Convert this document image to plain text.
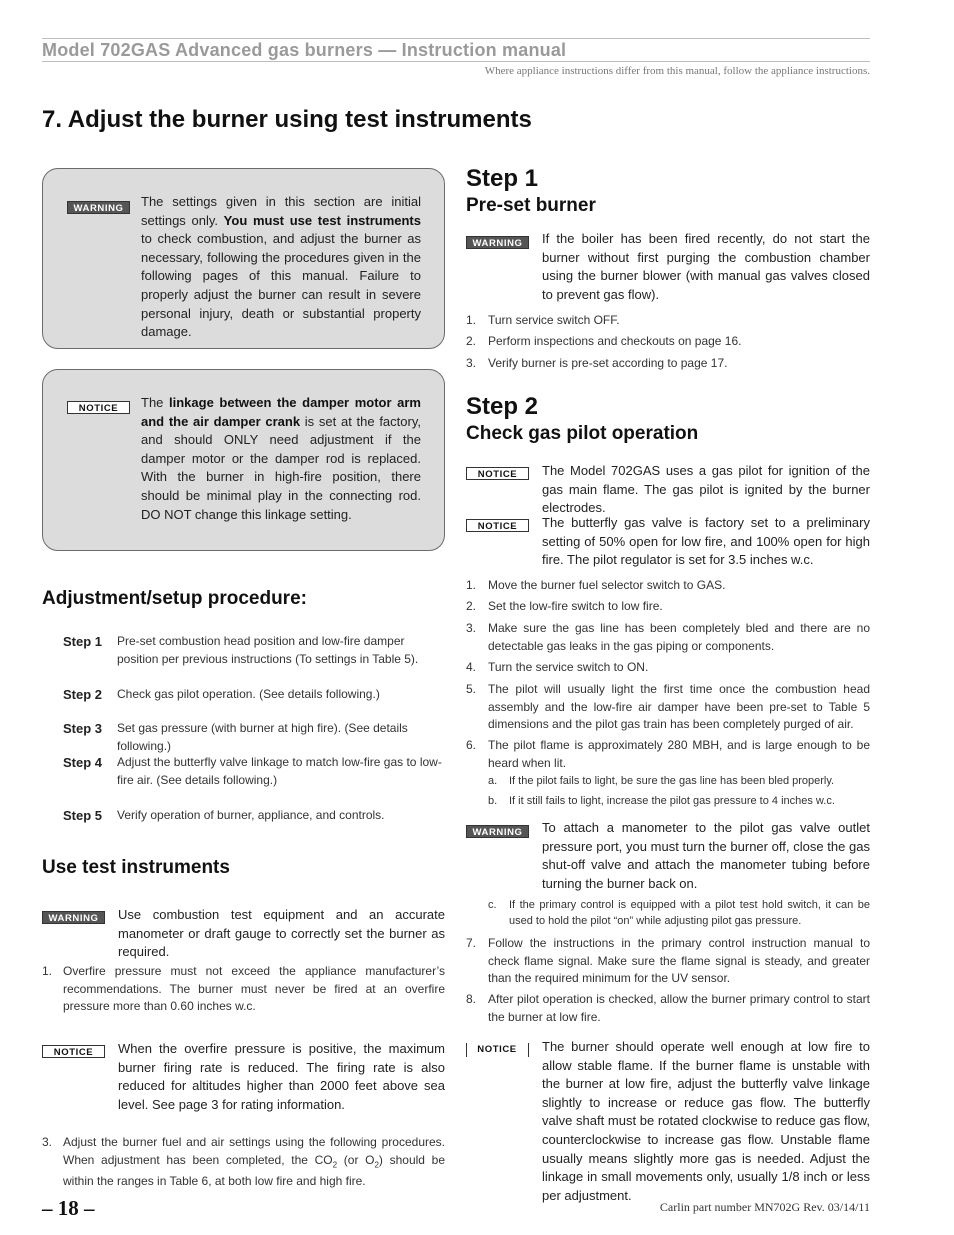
Model 702GAS Advanced gas burners — Instruction manual
Where appliance instructions differ from this manual, follow the appliance instructions.
7. Adjust the burner using test instruments
WARNING	The settings given in this section are initial settings only. You must use test instruments to check combustion, and adjust the burner as necessary, following the procedures given in the following pages of this manual. Failure to properly adjust the burner can result in severe personal injury, death or substantial property damage.
NOTICE	The linkage between the damper motor arm and the air damper crank is set at the factory, and should ONLY need adjustment if the damper motor or the damper rod is replaced. With the burner in high-fire position, there should be minimal play in the connecting rod. DO NOT change this linkage setting.
Adjustment/setup procedure:
Step 1 Pre-set combustion head position and low-fire damper position per previous instructions (To settings in Table 5).
Step 2 Check gas pilot operation. (See details following.)
Step 3 Set gas pressure (with burner at high fire). (See details following.)
Step 4 Adjust the butterfly valve linkage to match low-fire gas to low-fire air. (See details following.)
Step 5 Verify operation of burner, appliance, and controls.
Use test instruments
WARNING	Use combustion test equipment and an accurate manometer or draft gauge to correctly set the burner as required.
1. Overfire pressure must not exceed the appliance manufacturer’s recommendations. The burner must never be fired at an overfire pressure more than 0.60 inches w.c.
NOTICE	When the overfire pressure is positive, the maximum burner firing rate is reduced. The firing rate is also reduced for altitudes higher than 2000 feet above sea level. See page 3 for rating information.
3. Adjust the burner fuel and air settings using the following procedures. When adjustment has been completed, the $CO_2$ (or $O_2$) should be within the ranges in Table 6, at both low fire and high fire.
Step 1
Pre-set burner
WARNING	If the boiler has been fired recently, do not start the burner without first purging the combustion chamber using the burner blower (with manual gas valves closed to prevent gas flow).
1. Turn service switch OFF.
2. Perform inspections and checkouts on page 16.
3. Verify burner is pre-set according to page 17.
Step 2
Check gas pilot operation
NOTICE	The Model 702GAS uses a gas pilot for ignition of the gas main flame. The gas pilot is ignited by the burner electrodes.
NOTICE	The butterfly gas valve is factory set to a preliminary setting of 50% open for low fire, and 100% open for high fire. The pilot regulator is set for 3.5 inches w.c.
1. Move the burner fuel selector switch to GAS.
2. Set the low-fire switch to low fire.
3. Make sure the gas line has been completely bled and there are no detectable gas leaks in the gas piping or components.
4. Turn the service switch to ON.
5. The pilot will usually light the first time once the combustion head assembly and the low-fire air damper have been pre-set to Table 5 dimensions and the pilot gas train has been completely purged of air.
6. The pilot flame is approximately 280 MBH, and is large enough to be heard when lit.
a. If the pilot fails to light, be sure the gas line has been bled properly.
b. If it still fails to light, increase the pilot gas pressure to 4 inches w.c.
WARNING	To attach a manometer to the pilot gas valve outlet pressure port, you must turn the burner off, close the gas shut-off valve and attach the manometer tubing before turning the burner back on.
c. If the primary control is equipped with a pilot test hold switch, it can be used to hold the pilot “on” while adjusting pilot gas pressure.
7. Follow the instructions in the primary control instruction manual to check flame signal. Make sure the flame signal is steady, and greater than the required minimum for the UV sensor.
8. After pilot operation is checked, allow the burner primary control to start the burner at low fire.
NOTICE	The burner should operate well enough at low fire to allow stable flame. If the burner flame is unstable with the burner at low fire, adjust the butterfly valve linkage slightly to increase or reduce gas flow. The butterfly valve shaft must be rotated clockwise to reduce gas flow, counterclockwise to increase gas flow. Unstable flame usually means slightly more gas is needed. Adjust the linkage in small movements only, usually 1/8 inch or less per adjustment.
– 18 –	Carlin part number MN702G Rev. 03/14/11
